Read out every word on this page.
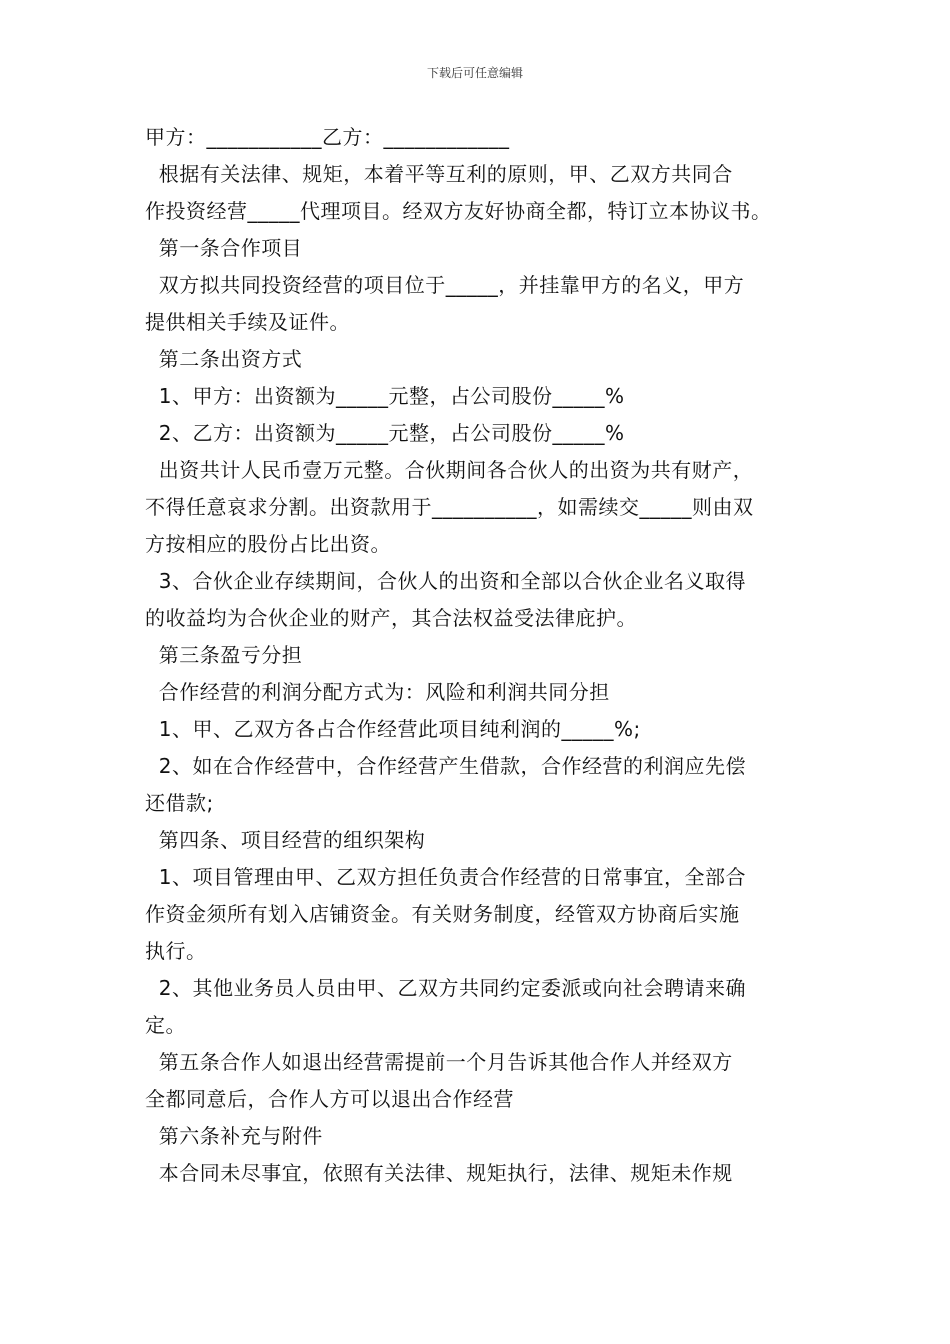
下载后可任意编辑
甲方：___________乙方：____________
根据有关法律、规矩，本着平等互利的原则，甲、乙双方共同合
作投资经营_____代理项目。经双方友好协商全都，特订立本协议书。
第一条合作项目
双方拟共同投资经营的项目位于_____，并挂靠甲方的名义，甲方
提供相关手续及证件。
第二条出资方式
1、甲方：出资额为_____元整，占公司股份_____%
2、乙方：出资额为_____元整，占公司股份_____%
出资共计人民币壹万元整。合伙期间各合伙人的出资为共有财产，
不得任意哀求分割。出资款用于__________，如需续交_____则由双
方按相应的股份占比出资。
3、合伙企业存续期间，合伙人的出资和全部以合伙企业名义取得
的收益均为合伙企业的财产，其合法权益受法律庇护。
第三条盈亏分担
合作经营的利润分配方式为：风险和利润共同分担
1、甲、乙双方各占合作经营此项目纯利润的_____%;
2、如在合作经营中，合作经营产生借款，合作经营的利润应先偿
还借款;
第四条、项目经营的组织架构
1、项目管理由甲、乙双方担任负责合作经营的日常事宜，全部合
作资金须所有划入店铺资金。有关财务制度，经管双方协商后实施
执行。
2、其他业务员人员由甲、乙双方共同约定委派或向社会聘请来确
定。
第五条合作人如退出经营需提前一个月告诉其他合作人并经双方
全都同意后，合作人方可以退出合作经营
第六条补充与附件
本合同未尽事宜，依照有关法律、规矩执行，法律、规矩未作规
